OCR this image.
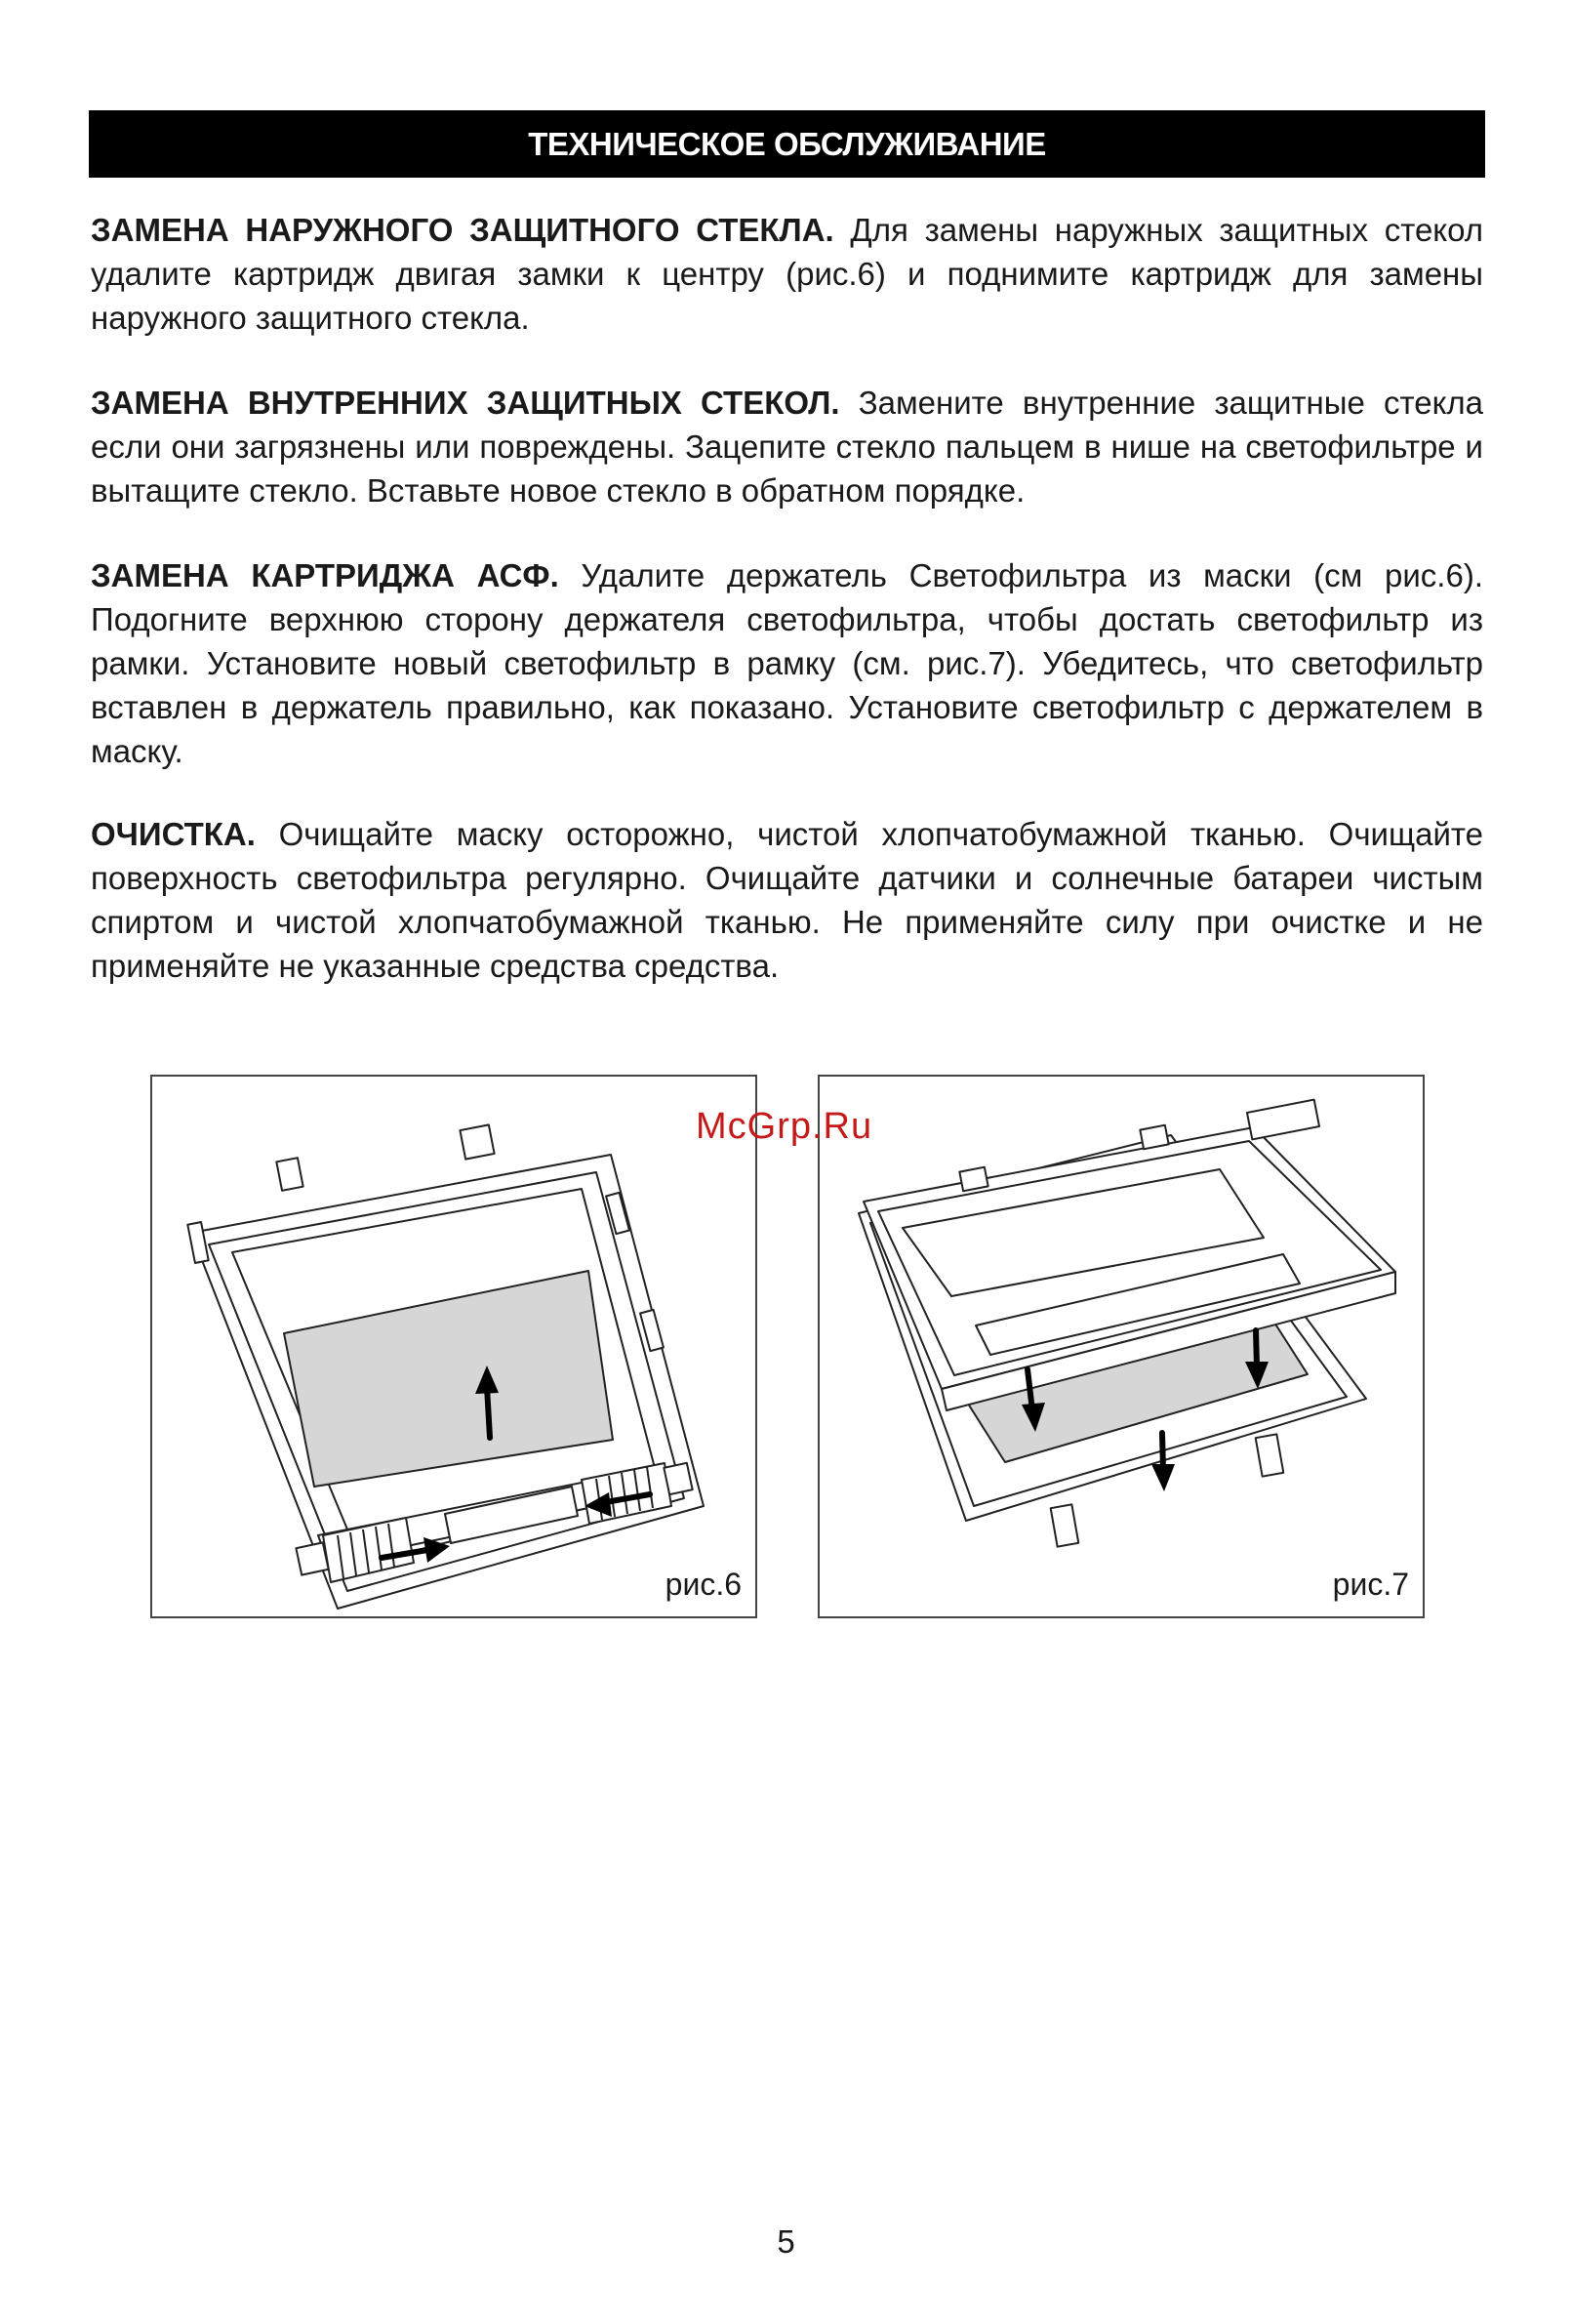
ТЕХНИЧЕСКОЕ ОБСЛУЖИВАНИЕ

ЗАМЕНА НАРУЖНОГО ЗАЩИТНОГО СТЕКЛА. Для замены наружных защитных стекол удалите картридж двигая замки к центру (рис.6) и поднимите картридж для замены наружного защитного стекла.

ЗАМЕНА ВНУТРЕННИХ ЗАЩИТНЫХ СТЕКОЛ. Замените внутренние защитные стекла если они загрязнены или повреждены. Зацепите стекло пальцем в нише на светофильтре и вытащите стекло. Вставьте новое стекло в обратном порядке.

ЗАМЕНА КАРТРИДЖА АСФ. Удалите держатель Светофильтра из маски (см рис.6). Подогните верхнюю сторону держателя светофильтра, чтобы достать светофильтр из рамки. Установите новый светофильтр в рамку (см. рис.7). Убедитесь, что светофильтр вставлен в держатель правильно, как показано. Установите светофильтр с держателем в маску.

ОЧИСТКА. Очищайте маску осторожно, чистой хлопчатобумажной тканью. Очищайте поверхность светофильтра регулярно. Очищайте датчики и солнечные батареи чистым спиртом и чистой хлопчатобумажной тканью. Не применяйте силу при очистке и не применяйте не указанные средства средства.

рис.6	рис.7
McGrp.Ru
5
